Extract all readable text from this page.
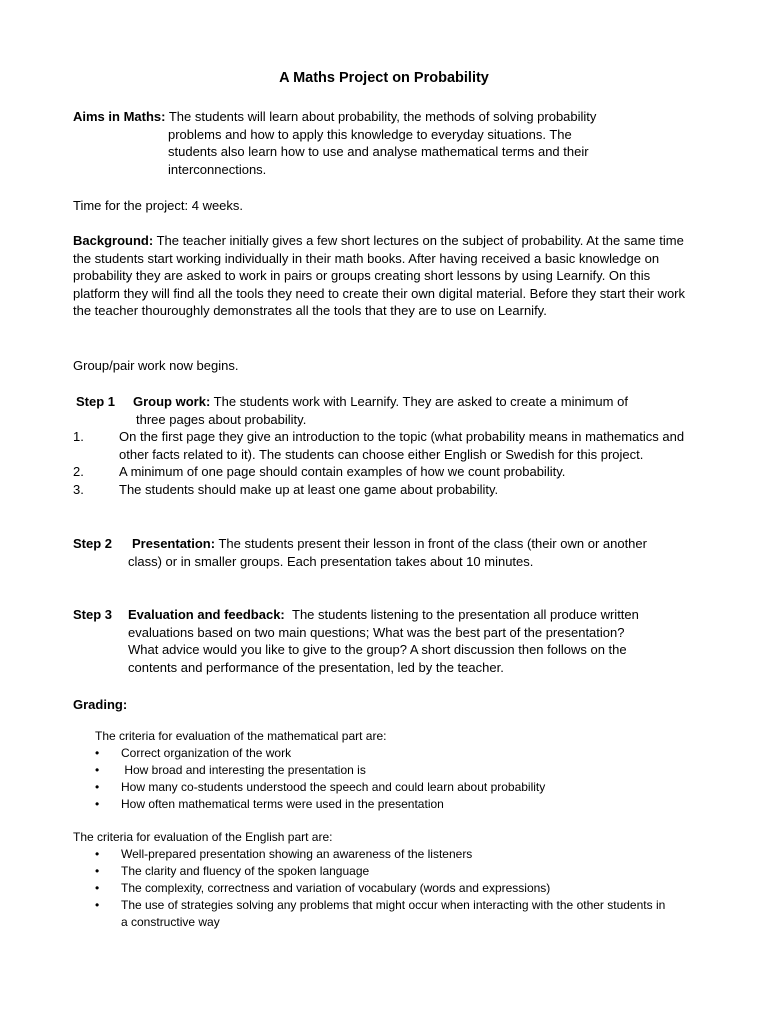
A Maths Project on Probability

Aims in Maths: The students will learn about probability, the methods of solving probability

problems and how to apply this knowledge to everyday situations. The

students also learn how to use and analyse mathematical terms and their

interconnections.

Time for the project: 4 weeks.

Background: The teacher initially gives a few short lectures on the subject of probability. At the same time the students start working individually in their math books. After having received a basic knowledge on probability they are asked to work in pairs or groups creating short lessons by using Learnify. On this platform they will find all the tools they need to create their own digital material. Before they start their work the teacher thouroughly demonstrates all the tools that they are to use on Learnify.

Group/pair work now begins.

Step 1 Group work: The students work with Learnify. They are asked to create a minimum of

three pages about probability.

1.	On the first page they give an introduction to the topic (what probability means in mathematics and other facts related to it). The students can choose either English or Swedish for this project.
2.	A minimum of one page should contain examples of how we count probability.
3.	The students should make up at least one game about probability.

Step 2 Presentation: The students present their lesson in front of the class (their own or another

class) or in smaller groups. Each presentation takes about 10 minutes.

Step 3 Evaluation and feedback: The students listening to the presentation all produce written

evaluations based on two main questions; What was the best part of the presentation?

What advice would you like to give to the group? A short discussion then follows on the

contents and performance of the presentation, led by the teacher.

Grading:
The criteria for evaluation of the mathematical part are:
•	Correct organization of the work
•	How broad and interesting the presentation is
•	How many co-students understood the speech and could learn about probability
•	How often mathematical terms were used in the presentation
The criteria for evaluation of the English part are:
•	Well-prepared presentation showing an awareness of the listeners
•	The clarity and fluency of the spoken language
•	The complexity, correctness and variation of vocabulary (words and expressions)
•	The use of strategies solving any problems that might occur when interacting with the other students in a constructive way
